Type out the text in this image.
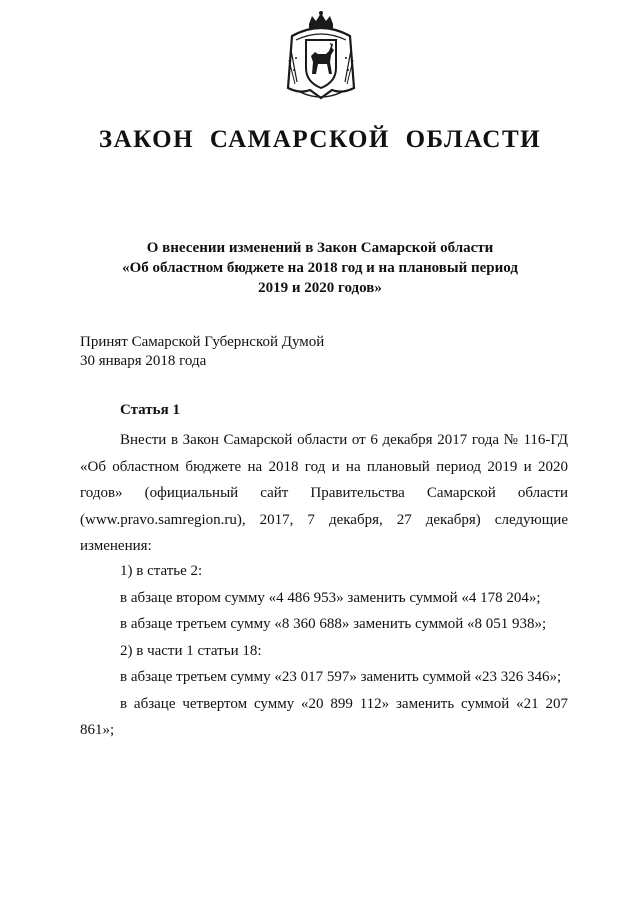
ЗАКОН САМАРСКОЙ ОБЛАСТИ
О внесении изменений в Закон Самарской области
«Об областном бюджете на 2018 год и на плановый период
2019 и 2020 годов»
Принят Самарской Губернской Думой
30 января 2018 года
Статья 1
Внести в Закон Самарской области от 6 декабря 2017 года № 116-ГД «Об областном бюджете на 2018 год и на плановый период 2019 и 2020 годов» (официальный сайт Правительства Самарской области (www.pravo.samregion.ru), 2017, 7 декабря, 27 декабря) следующие изменения:
1) в статье 2:
в абзаце втором сумму «4 486 953» заменить суммой «4 178 204»;
в абзаце третьем сумму «8 360 688» заменить суммой «8 051 938»;
2) в части 1 статьи 18:
в абзаце третьем сумму «23 017 597» заменить суммой «23 326 346»;
в абзаце четвертом сумму «20 899 112» заменить суммой «21 207 861»;
